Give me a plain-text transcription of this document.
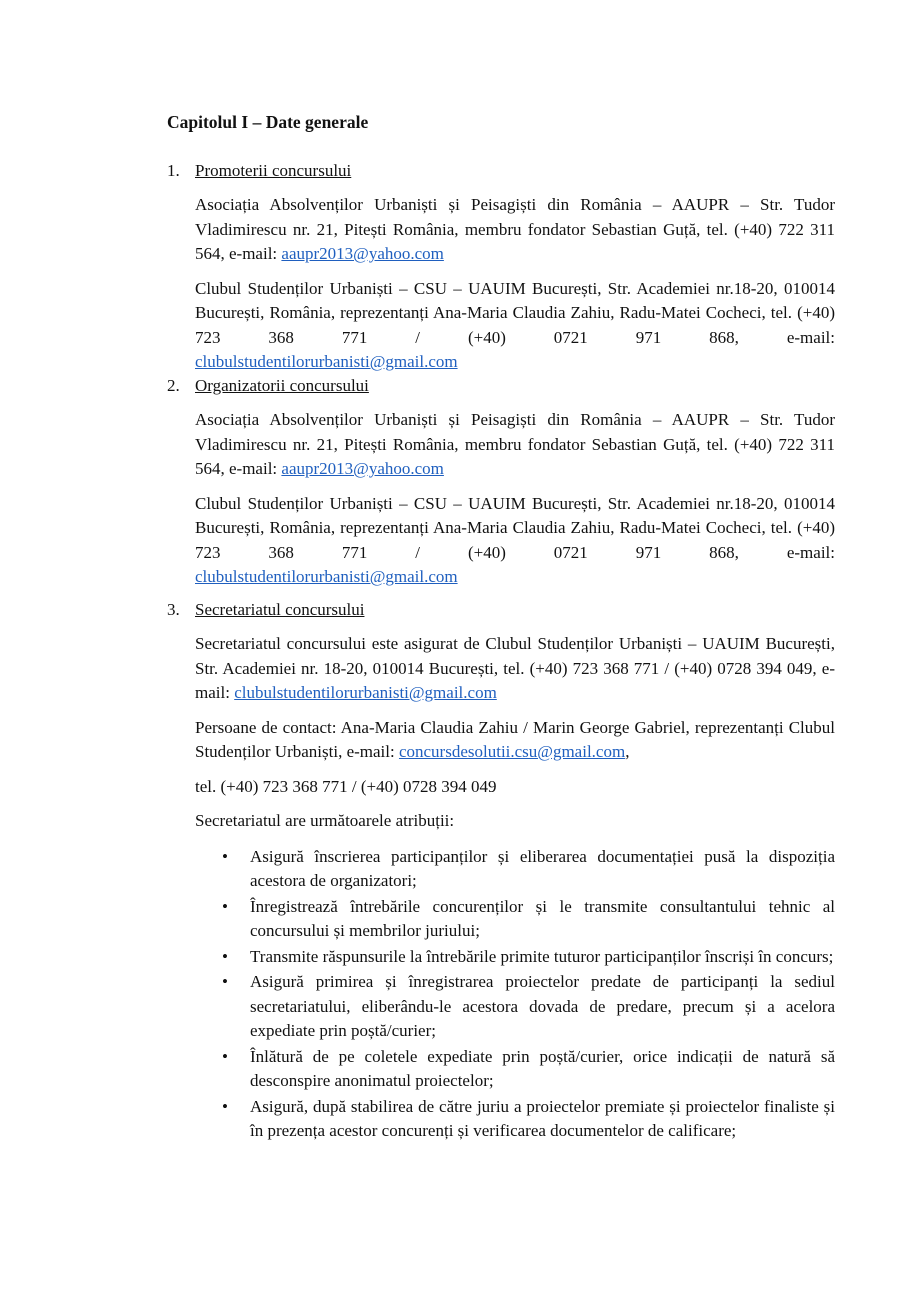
Capitolul I – Date generale
1. Promoterii concursului

Asociația Absolvenților Urbaniști și Peisagiști din România – AAUPR – Str. Tudor Vladimirescu nr. 21, Pitești România, membru fondator Sebastian Guță, tel. (+40) 722 311 564, e-mail: aaupr2013@yahoo.com

Clubul Studenților Urbaniști – CSU – UAUIM București, Str. Academiei nr.18-20, 010014 București, România, reprezentanți Ana-Maria Claudia Zahiu, Radu-Matei Cocheci, tel. (+40) 723 368 771 / (+40) 0721 971 868, e-mail:

clubulstudentilorurbanisti@gmail.com
2. Organizatorii concursului

Asociația Absolvenților Urbaniști și Peisagiști din România – AAUPR – Str. Tudor Vladimirescu nr. 21, Pitești România, membru fondator Sebastian Guță, tel. (+40) 722 311 564, e-mail: aaupr2013@yahoo.com

Clubul Studenților Urbaniști – CSU – UAUIM București, Str. Academiei nr.18-20, 010014 București, România, reprezentanți Ana-Maria Claudia Zahiu, Radu-Matei Cocheci, tel. (+40) 723 368 771 / (+40) 0721 971 868, e-mail:

clubulstudentilorurbanisti@gmail.com
3. Secretariatul concursului

Secretariatul concursului este asigurat de Clubul Studenților Urbaniști – UAUIM București, Str. Academiei nr. 18-20, 010014 București, tel. (+40) 723 368 771 / (+40) 0728 394 049, e-mail: clubulstudentilorurbanisti@gmail.com

Persoane de contact: Ana-Maria Claudia Zahiu / Marin George Gabriel, reprezentanți Clubul Studenților Urbaniști, e-mail: concursdesolutii.csu@gmail.com,

tel. (+40) 723 368 771 / (+40) 0728 394 049

Secretariatul are următoarele atribuții:

• Asigură înscrierea participanților și eliberarea documentației pusă la dispoziția acestora de organizatori;
• Înregistrează întrebările concurenților și le transmite consultantului tehnic al concursului și membrilor juriului;
• Transmite răspunsurile la întrebările primite tuturor participanților înscriși în concurs;
• Asigură primirea și înregistrarea proiectelor predate de participanți la sediul secretariatului, eliberându-le acestora dovada de predare, precum și a acelora expediate prin poștă/curier;
• Înlătură de pe coletele expediate prin poștă/curier, orice indicații de natură să desconspire anonimatul proiectelor;
• Asigură, după stabilirea de către juriu a proiectelor premiate și proiectelor finaliste și în prezența acestor concurenți și verificarea documentelor de calificare;
